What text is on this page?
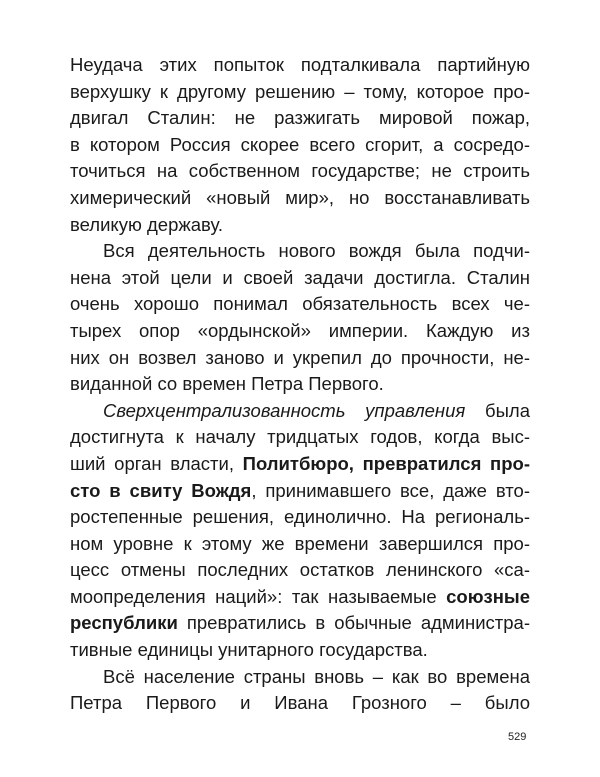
Неудача этих попыток подталкивала партийную
верхушку к другому решению – тому, которое про-
двигал Сталин: не разжигать мировой пожар,
в котором Россия скорее всего сгорит, а сосредо-
точиться на собственном государстве; не строить
химерический «новый мир», но восстанавливать
великую державу.
Вся деятельность нового вождя была подчи-
нена этой цели и своей задачи достигла. Сталин
очень хорошо понимал обязательность всех че-
тырех опор «ордынской» империи. Каждую из
них он возвел заново и укрепил до прочности, не-
виданной со времен Петра Первого.
Сверхцентрализованность управления была
достигнута к началу тридцатых годов, когда выс-
ший орган власти, Политбюро, превратился про-
сто в свиту Вождя, принимавшего все, даже вто-
ростепенные решения, единолично. На региональ-
ном уровне к этому же времени завершился про-
цесс отмены последних остатков ленинского «са-
моопределения наций»: так называемые союзные
республики превратились в обычные администра-
тивные единицы унитарного государства.
Всё население страны вновь – как во времена
Петра Первого и Ивана Грозного – было
529
